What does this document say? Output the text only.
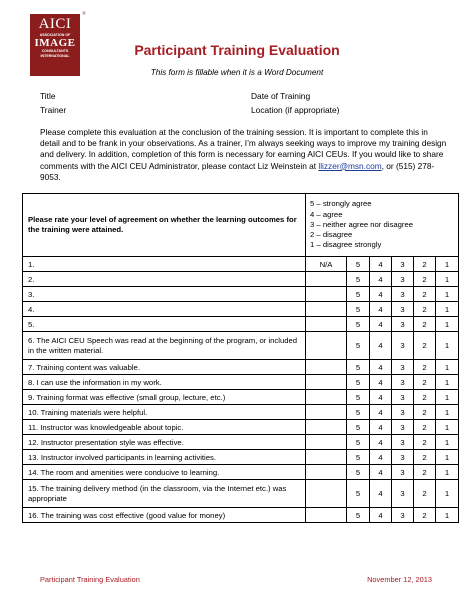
AICI
ASSOCIATION OF
IMAGE
CONSULTANTS
INTERNATIONAL
®
Participant Training Evaluation
This form is fillable when it is a Word Document
Title	Date of Training
Trainer	Location (if appropriate)
Please complete this evaluation at the conclusion of the training session. It is important to complete this in detail and to be frank in your observations. As a trainer, I’m always seeking ways to improve my training design and delivery. In addition, completion of this form is necessary for earning AICI CEUs. If you would like to share comments with the AICI CEU Administrator, please contact Liz Weinstein at llizzer@msn.com, or (515) 278-9053.
Please rate your level of agreement on whether the learning outcomes for the training were attained.	5 – strongly agree
4 – agree
3 – neither agree nor disagree
2 – disagree
1 – disagree strongly					

1.	N/A	5	4	3	2	1
2.		5	4	3	2	1
3.		5	4	3	2	1
4.		5	4	3	2	1
5.		5	4	3	2	1
6. The AICI CEU Speech was read at the beginning of the program, or included in the written material.		5	4	3	2	1
7. Training content was valuable.		5	4	3	2	1
8. I can use the information in my work.		5	4	3	2	1
9. Training format was effective (small group, lecture, etc.)		5	4	3	2	1
10. Training materials were helpful.		5	4	3	2	1
11. Instructor was knowledgeable about topic.		5	4	3	2	1
12. Instructor presentation style was effective.		5	4	3	2	1
13. Instructor involved participants in learning activities.		5	4	3	2	1
14. The room and amenities were conducive to learning.		5	4	3	2	1
15. The training delivery method (in the classroom, via the Internet etc.) was appropriate		5	4	3	2	1
16. The training was cost effective (good value for money)		5	4	3	2	1
Participant Training Evaluation	November 12, 2013
